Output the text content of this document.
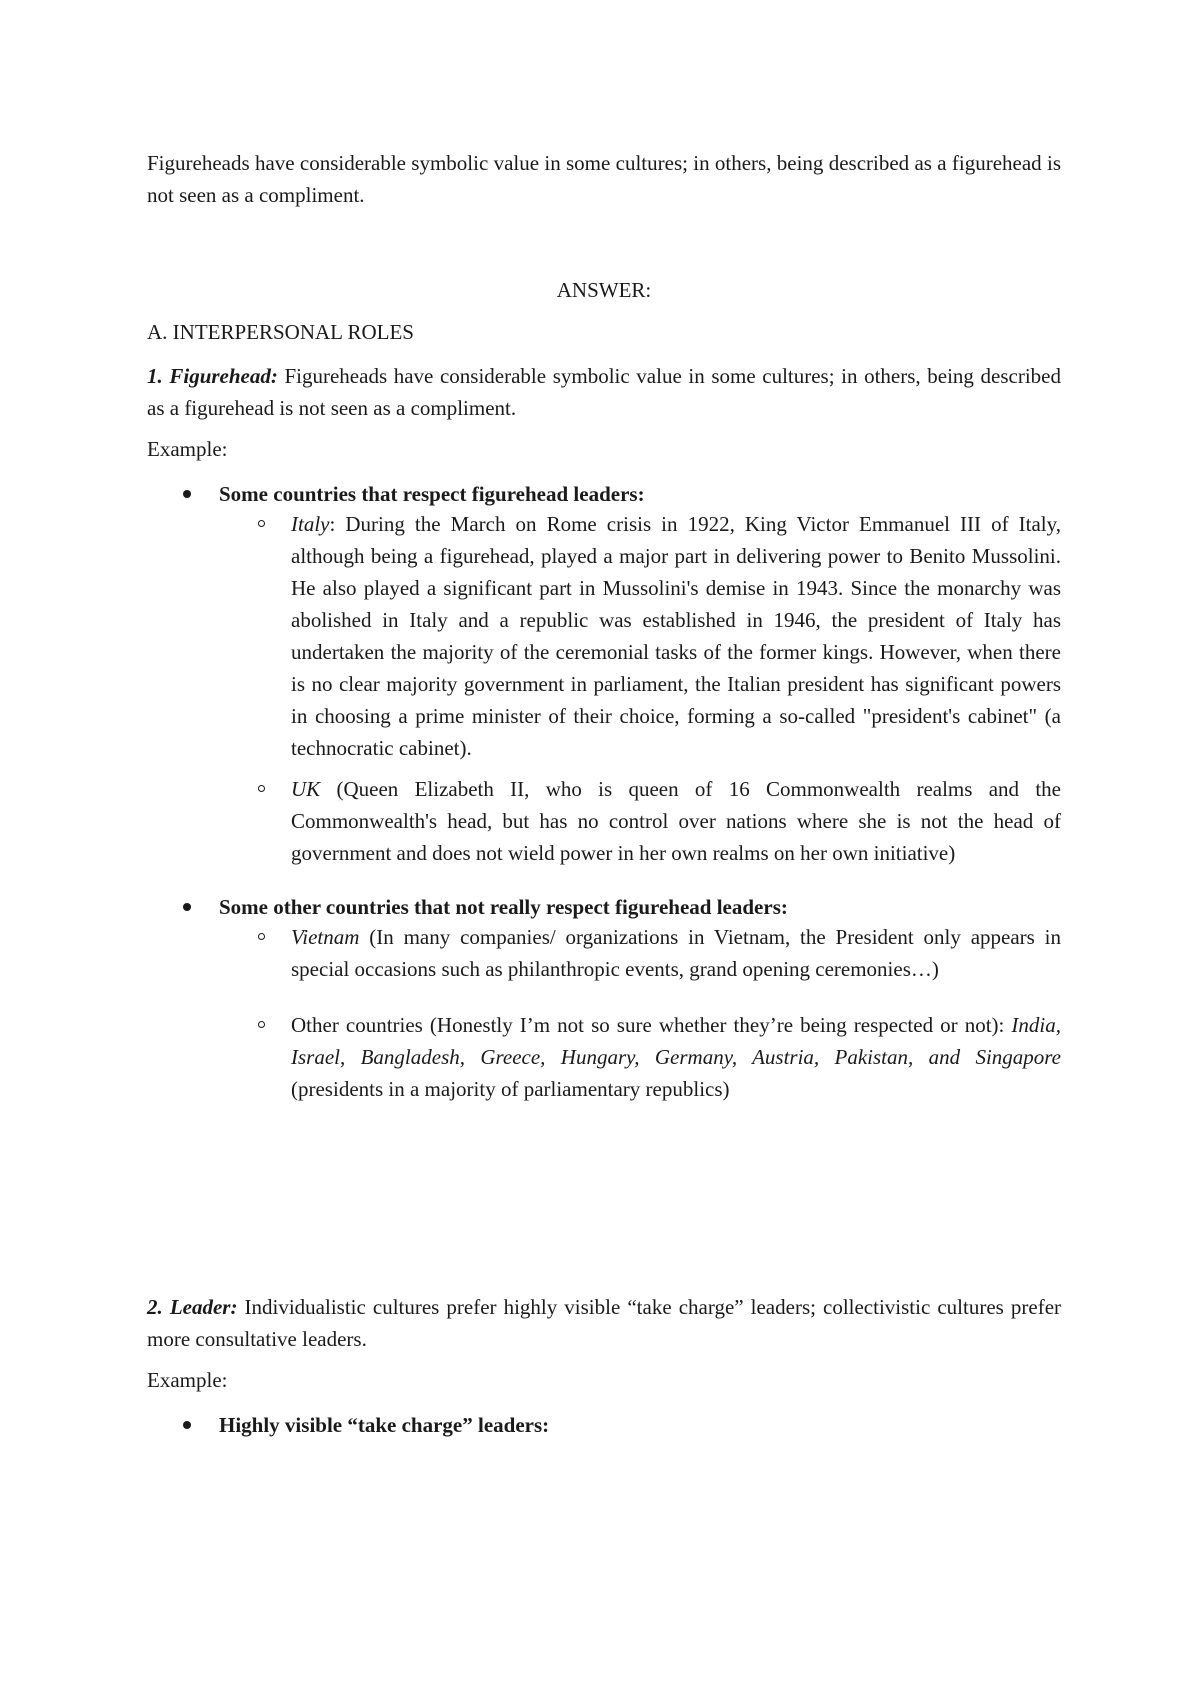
Figureheads have considerable symbolic value in some cultures; in others, being described as a figurehead is not seen as a compliment.

ANSWER:

A. INTERPERSONAL ROLES

1. Figurehead: Figureheads have considerable symbolic value in some cultures; in others, being described as a figurehead is not seen as a compliment.

Example:

Some countries that respect figurehead leaders:

Italy: During the March on Rome crisis in 1922, King Victor Emmanuel III of Italy, although being a figurehead, played a major part in delivering power to Benito Mussolini. He also played a significant part in Mussolini's demise in 1943. Since the monarchy was abolished in Italy and a republic was established in 1946, the president of Italy has undertaken the majority of the ceremonial tasks of the former kings. However, when there is no clear majority government in parliament, the Italian president has significant powers in choosing a prime minister of their choice, forming a so-called "president's cabinet" (a technocratic cabinet).

UK (Queen Elizabeth II, who is queen of 16 Commonwealth realms and the Commonwealth's head, but has no control over nations where she is not the head of government and does not wield power in her own realms on her own initiative)

Some other countries that not really respect figurehead leaders:

Vietnam (In many companies/ organizations in Vietnam, the President only appears in special occasions such as philanthropic events, grand opening ceremonies…)

Other countries (Honestly I’m not so sure whether they’re being respected or not): India, Israel, Bangladesh, Greece, Hungary, Germany, Austria, Pakistan, and Singapore (presidents in a majority of parliamentary republics)

2. Leader: Individualistic cultures prefer highly visible “take charge” leaders; collectivistic cultures prefer more consultative leaders.

Example:

Highly visible “take charge” leaders:
